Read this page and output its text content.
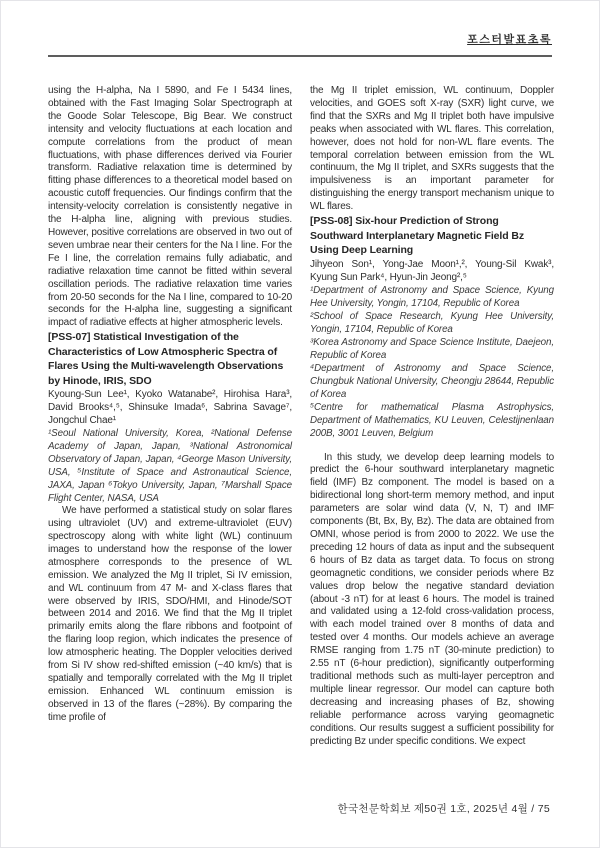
포스터발표초록

using the H-alpha, Na I 5890, and Fe I 5434 lines, obtained with the Fast Imaging Solar Spectrograph at the Goode Solar Telescope, Big Bear. We construct intensity and velocity fluctuations at each location and compute correlations from the product of mean fluctuations, with phase differences derived via Fourier transform. Radiative relaxation time is determined by fitting phase differences to a theoretical model based on acoustic cutoff frequencies. Our findings confirm that the intensity-velocity correlation is consistently negative in the H-alpha line, aligning with previous studies. However, positive correlations are observed in two out of seven umbrae near their centers for the Na I line. For the Fe I line, the correlation remains fully adiabatic, and radiative relaxation time cannot be fitted within several oscillation periods. The radiative relaxation time varies from 20-50 seconds for the Na I line, compared to 10-20 seconds for the H-alpha line, suggesting a significant impact of radiative effects at higher atmospheric levels.

[PSS-07] Statistical Investigation of the Characteristics of Low Atmospheric Spectra of Flares Using the Multi-wavelength Observations by Hinode, IRIS, SDO

Kyoung-Sun Lee¹, Kyoko Watanabe², Hirohisa Hara³, David Brooks⁴,⁵, Shinsuke Imada⁶, Sabrina Savage⁷, Jongchul Chae¹

¹Seoul National University, Korea, ²National Defense Academy of Japan, Japan, ³National Astronomical Observatory of Japan, Japan, ⁴George Mason University, USA, ⁵Institute of Space and Astronautical Science, JAXA, Japan ⁶Tokyo University, Japan, ⁷Marshall Space Flight Center, NASA, USA

We have performed a statistical study on solar flares using ultraviolet (UV) and extreme-ultraviolet (EUV) spectroscopy along with white light (WL) continuum images to understand how the response of the lower atmosphere corresponds to the presence of WL emission. We analyzed the Mg II triplet, Si IV emission, and WL continuum from 47 M- and X-class flares that were observed by IRIS, SDO/HMI, and Hinode/SOT between 2014 and 2016. We find that the Mg II triplet primarily emits along the flare ribbons and footpoint of the flaring loop region, which indicates the presence of low atmospheric heating. The Doppler velocities derived from Si IV show red-shifted emission (~40 km/s) that is spatially and temporally correlated with the Mg II triplet emission. Enhanced WL continuum emission is observed in 13 of the flares (~28%). By comparing the time profile of

the Mg II triplet emission, WL continuum, Doppler velocities, and GOES soft X-ray (SXR) light curve, we find that the SXRs and Mg II triplet both have impulsive peaks when associated with WL flares. This correlation, however, does not hold for non-WL flare events. The temporal correlation between emission from the WL continuum, the Mg II triplet, and SXRs suggests that the impulsiveness is an important parameter for distinguishing the energy transport mechanism unique to WL flares.

[PSS-08] Six-hour Prediction of Strong Southward Interplanetary Magnetic Field Bz Using Deep Learning

Jihyeon Son¹, Yong-Jae Moon¹,², Young-Sil Kwak³, Kyung Sun Park⁴, Hyun-Jin Jeong²,⁵

¹Department of Astronomy and Space Science, Kyung Hee University, Yongin, 17104, Republic of Korea

²School of Space Research, Kyung Hee University, Yongin, 17104, Republic of Korea

³Korea Astronomy and Space Science Institute, Daejeon, Republic of Korea

⁴Department of Astronomy and Space Science, Chungbuk National University, Cheongju 28644, Republic of Korea

⁵Centre for mathematical Plasma Astrophysics, Department of Mathematics, KU Leuven, Celestijnenlaan 200B, 3001 Leuven, Belgium

In this study, we develop deep learning models to predict the 6-hour southward interplanetary magnetic field (IMF) Bz component. The model is based on a bidirectional long short-term memory method, and input parameters are solar wind data (V, N, T) and IMF components (Bt, Bx, By, Bz). The data are obtained from OMNI, whose period is from 2000 to 2022. We use the preceding 12 hours of data as input and the subsequent 6 hours of Bz data as target data. To focus on strong geomagnetic conditions, we consider periods where Bz values drop below the negative standard deviation (about -3 nT) for at least 6 hours. The model is trained and validated using a 12-fold cross-validation process, with each model trained over 8 months of data and tested over 4 months. Our models achieve an average RMSE ranging from 1.75 nT (30-minute prediction) to 2.55 nT (6-hour prediction), significantly outperforming traditional methods such as multi-layer perceptron and multiple linear regressor. Our model can capture both decreasing and increasing phases of Bz, showing reliable performance across varying geomagnetic conditions. Our results suggest a sufficient possibility for predicting Bz under specific conditions. We expect

한국천문학회보 제50권 1호, 2025년 4월 / 75
